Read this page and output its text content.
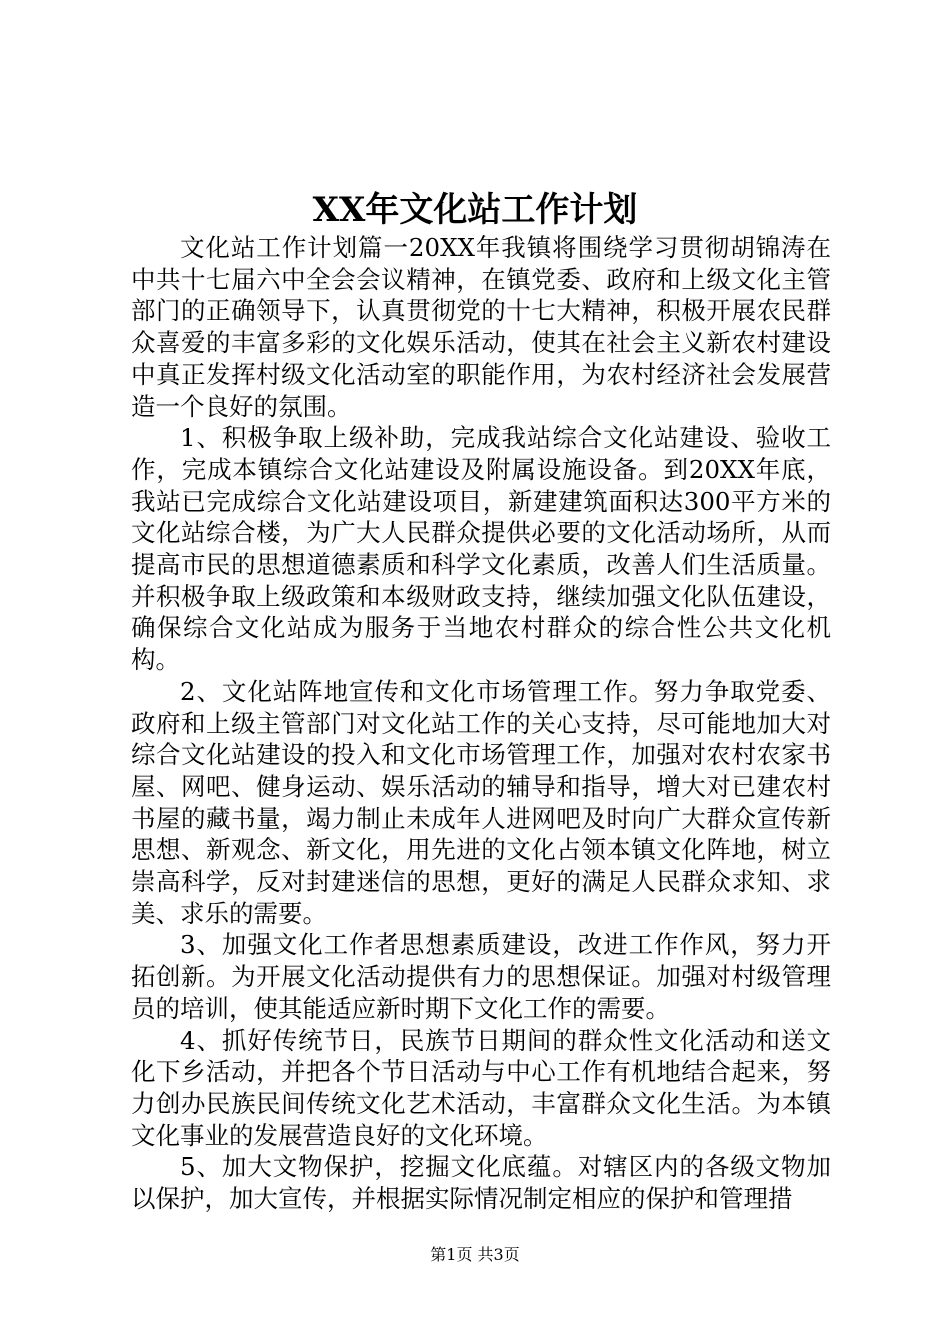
XX年文化站工作计划

文化站工作计划篇一20XX年我镇将围绕学习贯彻胡锦涛在中共十七届六中全会会议精神，在镇党委、政府和上级文化主管部门的正确领导下，认真贯彻党的十七大精神，积极开展农民群众喜爱的丰富多彩的文化娱乐活动，使其在社会主义新农村建设中真正发挥村级文化活动室的职能作用，为农村经济社会发展营造一个良好的氛围。

1、积极争取上级补助，完成我站综合文化站建设、验收工作，完成本镇综合文化站建设及附属设施设备。到20XX年底，我站已完成综合文化站建设项目，新建建筑面积达300平方米的文化站综合楼，为广大人民群众提供必要的文化活动场所，从而提高市民的思想道德素质和科学文化素质，改善人们生活质量。并积极争取上级政策和本级财政支持，继续加强文化队伍建设，确保综合文化站成为服务于当地农村群众的综合性公共文化机构。

2、文化站阵地宣传和文化市场管理工作。努力争取党委、政府和上级主管部门对文化站工作的关心支持，尽可能地加大对综合文化站建设的投入和文化市场管理工作，加强对农村农家书屋、网吧、健身运动、娱乐活动的辅导和指导，增大对已建农村书屋的藏书量，竭力制止未成年人进网吧及时向广大群众宣传新思想、新观念、新文化，用先进的文化占领本镇文化阵地，树立崇高科学，反对封建迷信的思想，更好的满足人民群众求知、求美、求乐的需要。

3、加强文化工作者思想素质建设，改进工作作风，努力开拓创新。为开展文化活动提供有力的思想保证。加强对村级管理员的培训，使其能适应新时期下文化工作的需要。

4、抓好传统节日，民族节日期间的群众性文化活动和送文化下乡活动，并把各个节日活动与中心工作有机地结合起来，努力创办民族民间传统文化艺术活动，丰富群众文化生活。为本镇文化事业的发展营造良好的文化环境。

5、加大文物保护，挖掘文化底蕴。对辖区内的各级文物加以保护，加大宣传，并根据实际情况制定相应的保护和管理措

第1页 共3页
